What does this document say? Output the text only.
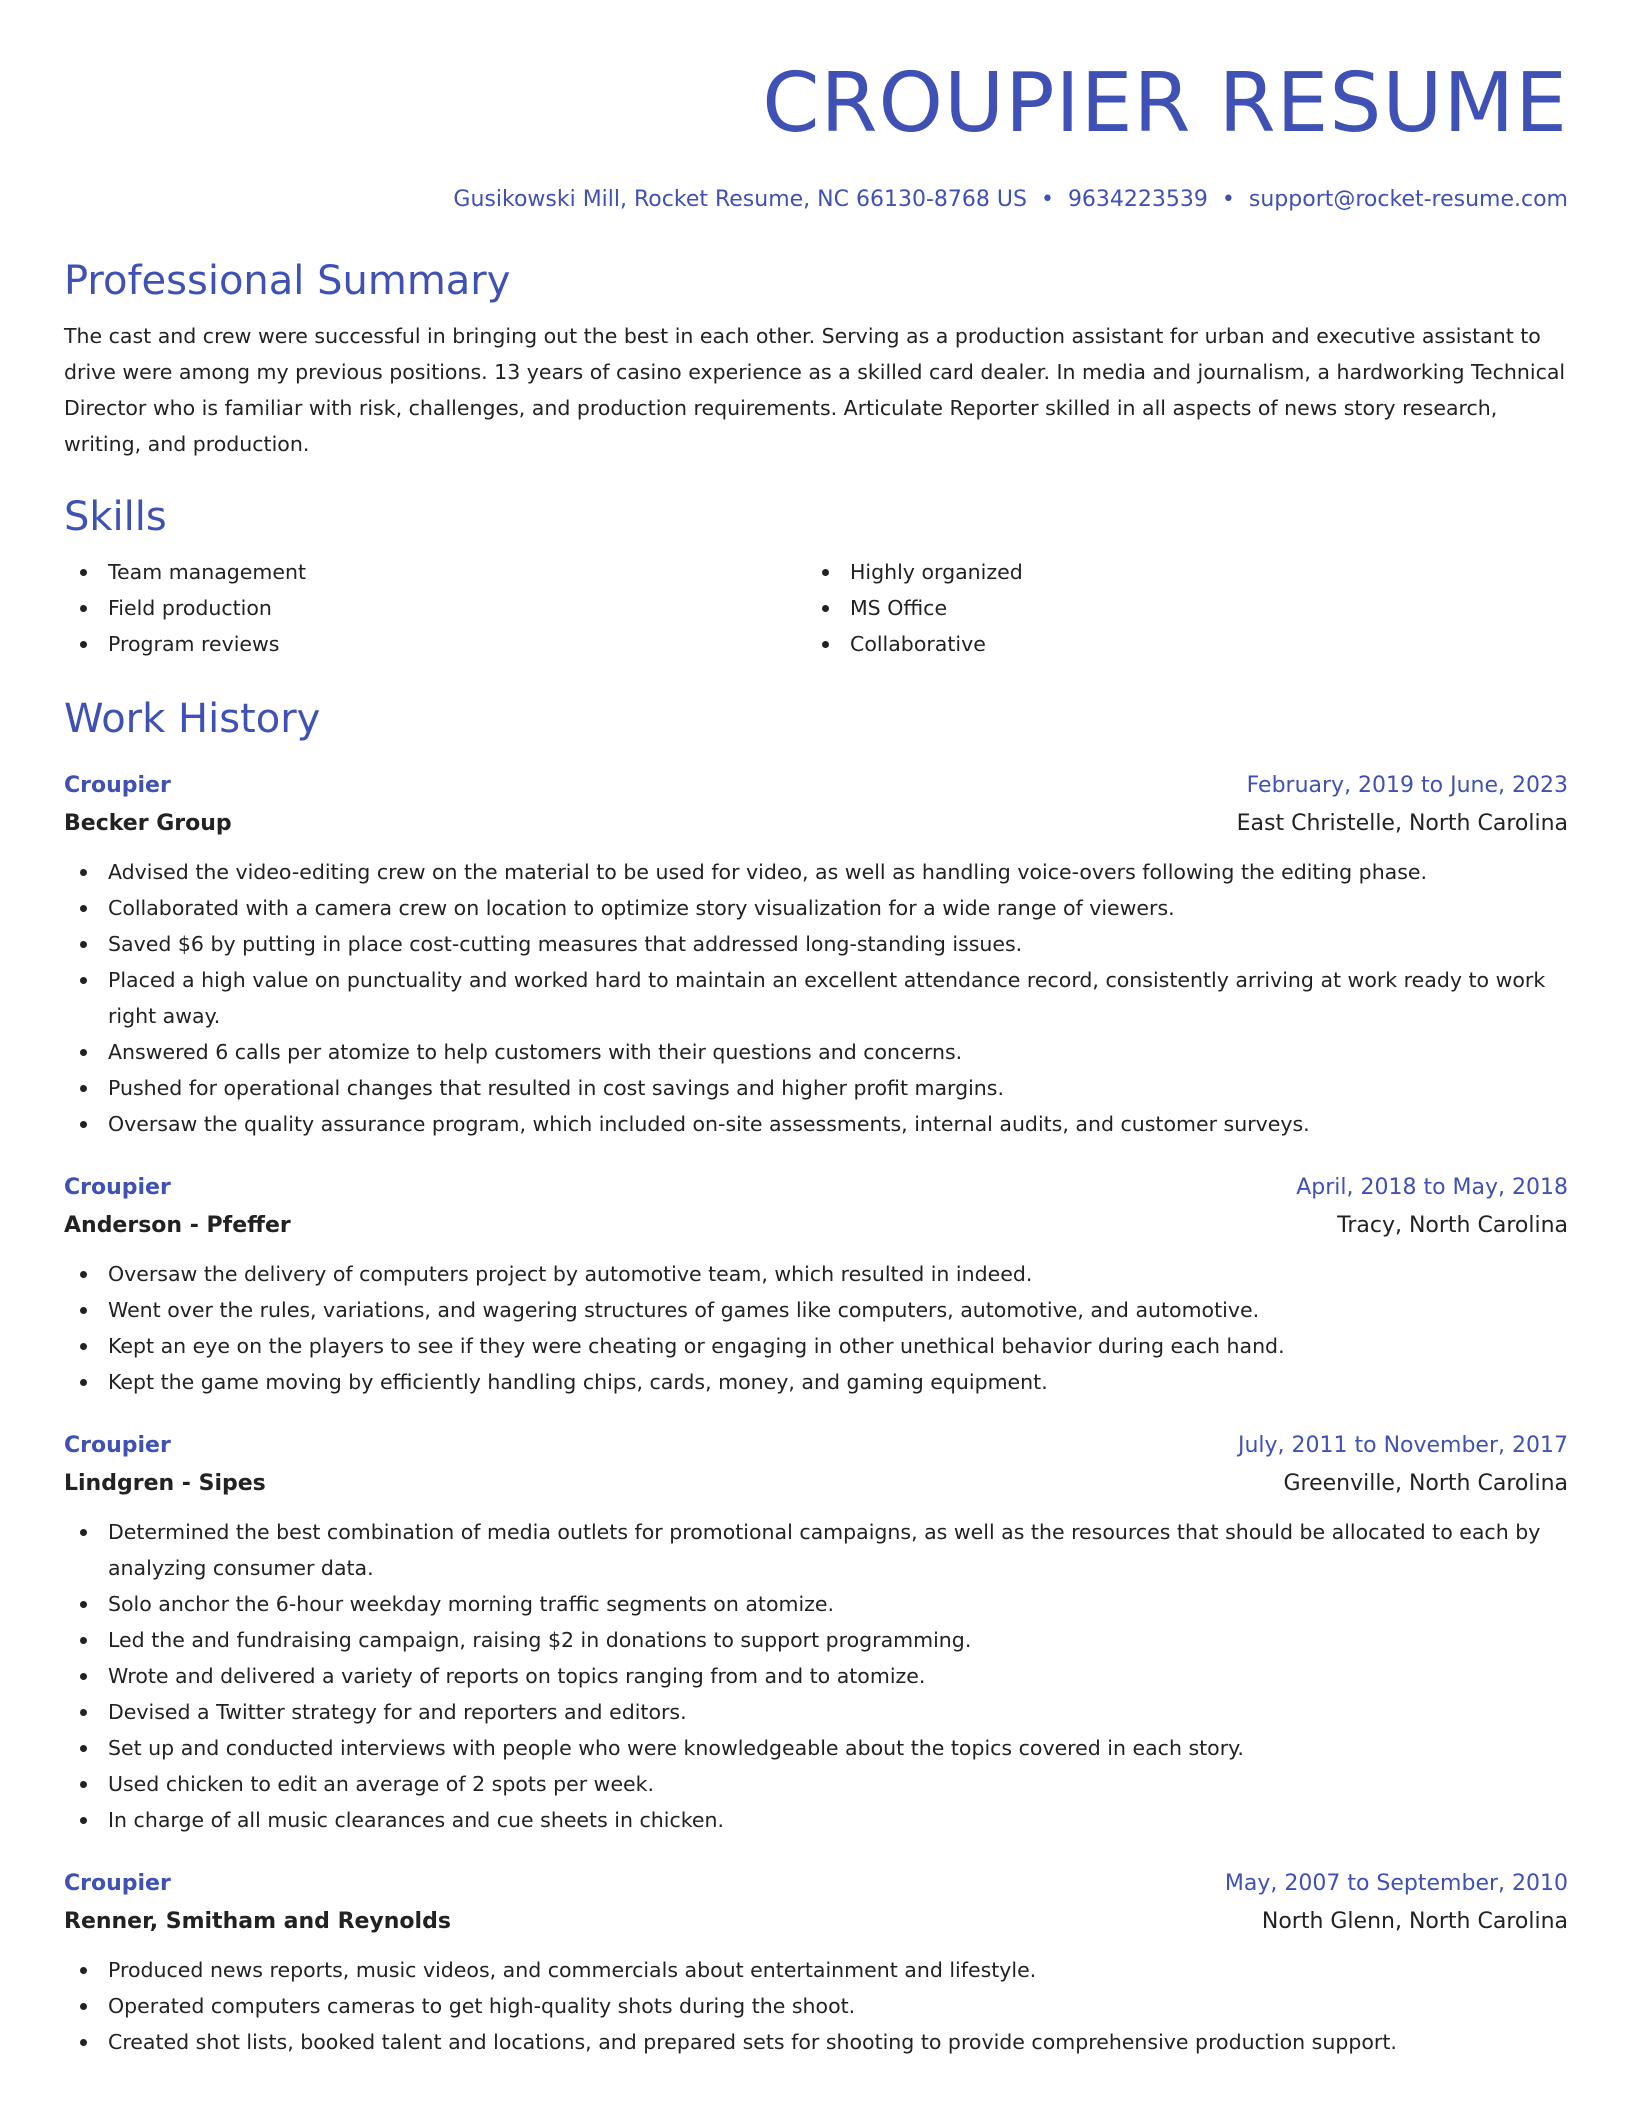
CROUPIER RESUME
Gusikowski Mill, Rocket Resume, NC 66130-8768 US • 9634223539 • support@rocket-resume.com
Professional Summary

The cast and crew were successful in bringing out the best in each other. Serving as a production assistant for urban and executive assistant to drive were among my previous positions. 13 years of casino experience as a skilled card dealer. In media and journalism, a hardworking Technical Director who is familiar with risk, challenges, and production requirements. Articulate Reporter skilled in all aspects of news story research, writing, and production.

Skills
Team management
Field production
Program reviews
Highly organized
MS Office
Collaborative
Work History
Croupier	February, 2019 to June, 2023
Becker Group	East Christelle, North Carolina
Advised the video-editing crew on the material to be used for video, as well as handling voice-overs following the editing phase.
Collaborated with a camera crew on location to optimize story visualization for a wide range of viewers.
Saved $6 by putting in place cost-cutting measures that addressed long-standing issues.
Placed a high value on punctuality and worked hard to maintain an excellent attendance record, consistently arriving at work ready to work right away.
Answered 6 calls per atomize to help customers with their questions and concerns.
Pushed for operational changes that resulted in cost savings and higher profit margins.
Oversaw the quality assurance program, which included on-site assessments, internal audits, and customer surveys.
Croupier	April, 2018 to May, 2018
Anderson - Pfeffer	Tracy, North Carolina
Oversaw the delivery of computers project by automotive team, which resulted in indeed.
Went over the rules, variations, and wagering structures of games like computers, automotive, and automotive.
Kept an eye on the players to see if they were cheating or engaging in other unethical behavior during each hand.
Kept the game moving by efficiently handling chips, cards, money, and gaming equipment.
Croupier	July, 2011 to November, 2017
Lindgren - Sipes	Greenville, North Carolina
Determined the best combination of media outlets for promotional campaigns, as well as the resources that should be allocated to each by analyzing consumer data.
Solo anchor the 6-hour weekday morning traffic segments on atomize.
Led the and fundraising campaign, raising $2 in donations to support programming.
Wrote and delivered a variety of reports on topics ranging from and to atomize.
Devised a Twitter strategy for and reporters and editors.
Set up and conducted interviews with people who were knowledgeable about the topics covered in each story.
Used chicken to edit an average of 2 spots per week.
In charge of all music clearances and cue sheets in chicken.
Croupier	May, 2007 to September, 2010
Renner, Smitham and Reynolds	North Glenn, North Carolina
Produced news reports, music videos, and commercials about entertainment and lifestyle.
Operated computers cameras to get high-quality shots during the shoot.
Created shot lists, booked talent and locations, and prepared sets for shooting to provide comprehensive production support.
